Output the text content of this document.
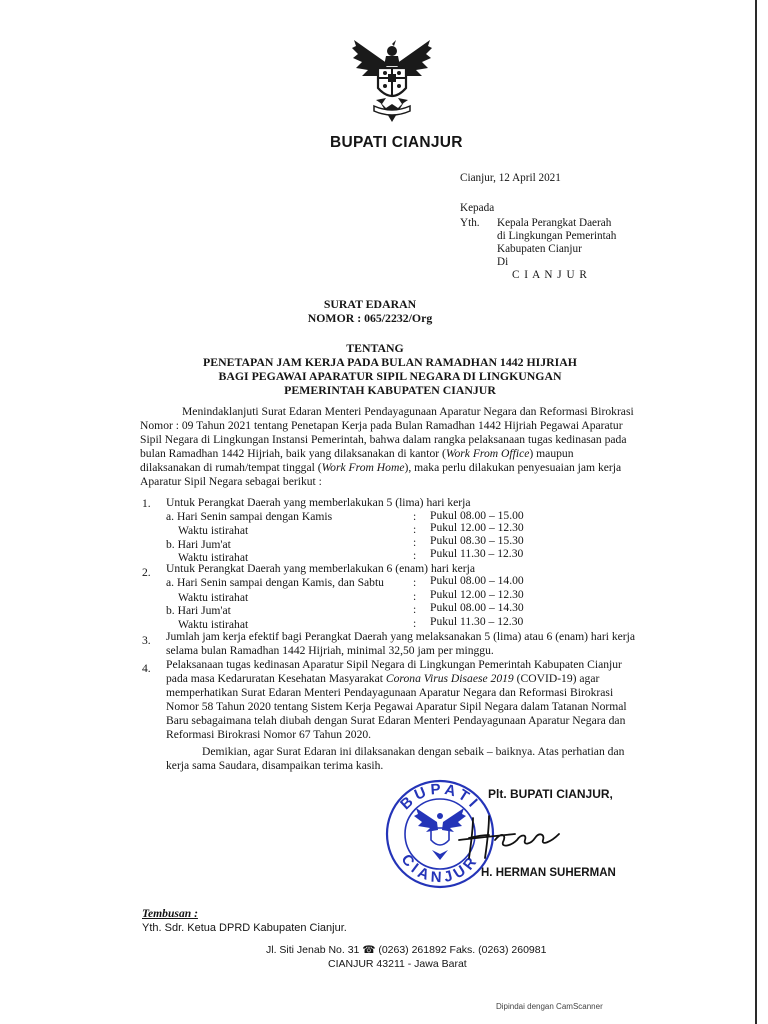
BUPATI CIANJUR
Cianjur, 12 April 2021
Kepada
Yth. Kepala Perangkat Daerah
di Lingkungan Pemerintah
Kabupaten Cianjur
Di
C I A N J U R
SURAT EDARAN
NOMOR : 065/2232/Org
TENTANG
PENETAPAN JAM KERJA PADA BULAN RAMADHAN 1442 HIJRIAH
BAGI PEGAWAI APARATUR SIPIL NEGARA DI LINGKUNGAN
PEMERINTAH KABUPATEN CIANJUR
Menindaklanjuti Surat Edaran Menteri Pendayagunaan Aparatur Negara dan Reformasi Birokrasi
Nomor : 09 Tahun 2021 tentang Penetapan Kerja pada Bulan Ramadhan 1442 Hijriah Pegawai Aparatur
Sipil Negara di Lingkungan Instansi Pemerintah, bahwa dalam rangka pelaksanaan tugas kedinasan pada
bulan Ramadhan 1442 Hijriah, baik yang dilaksanakan di kantor (Work From Office) maupun
dilaksanakan di rumah/tempat tinggal (Work From Home), maka perlu dilakukan penyesuaian jam kerja
Aparatur Sipil Negara sebagai berikut :
1. Untuk Perangkat Daerah yang memberlakukan 5 (lima) hari kerja
a. Hari Senin sampai dengan Kamis	: Pukul 08.00 – 15.00
Waktu istirahat	: Pukul 12.00 – 12.30
b. Hari Jum'at	: Pukul 08.30 – 15.30
Waktu istirahat	: Pukul 11.30 – 12.30
2. Untuk Perangkat Daerah yang memberlakukan 6 (enam) hari kerja
a. Hari Senin sampai dengan Kamis, dan Sabtu	: Pukul 08.00 – 14.00
Waktu istirahat	: Pukul 12.00 – 12.30
b. Hari Jum'at	: Pukul 08.00 – 14.30
Waktu istirahat	: Pukul 11.30 – 12.30
3. Jumlah jam kerja efektif bagi Perangkat Daerah yang melaksanakan 5 (lima) atau 6 (enam) hari kerja
selama bulan Ramadhan 1442 Hijriah, minimal 32,50 jam per minggu.
4. Pelaksanaan tugas kedinasan Aparatur Sipil Negara di Lingkungan Pemerintah Kabupaten Cianjur
pada masa Kedaruratan Kesehatan Masyarakat Corona Virus Disaese 2019 (COVID-19) agar
memperhatikan Surat Edaran Menteri Pendayagunaan Aparatur Negara dan Reformasi Birokrasi
Nomor 58 Tahun 2020 tentang Sistem Kerja Pegawai Aparatur Sipil Negara dalam Tatanan Normal
Baru sebagaimana telah diubah dengan Surat Edaran Menteri Pendayagunaan Aparatur Negara dan
Reformasi Birokrasi Nomor 67 Tahun 2020.
Demikian, agar Surat Edaran ini dilaksanakan dengan sebaik – baiknya. Atas perhatian dan
kerja sama Saudara, disampaikan terima kasih.
BUPATI
CIANJUR
Plt. BUPATI CIANJUR,
H. HERMAN SUHERMAN
Tembusan :
Yth. Sdr. Ketua DPRD Kabupaten Cianjur.
Jl. Siti Jenab No. 31 ☎ (0263) 261892 Faks. (0263) 260981
CIANJUR 43211 - Jawa Barat
Dipindai dengan CamScanner
